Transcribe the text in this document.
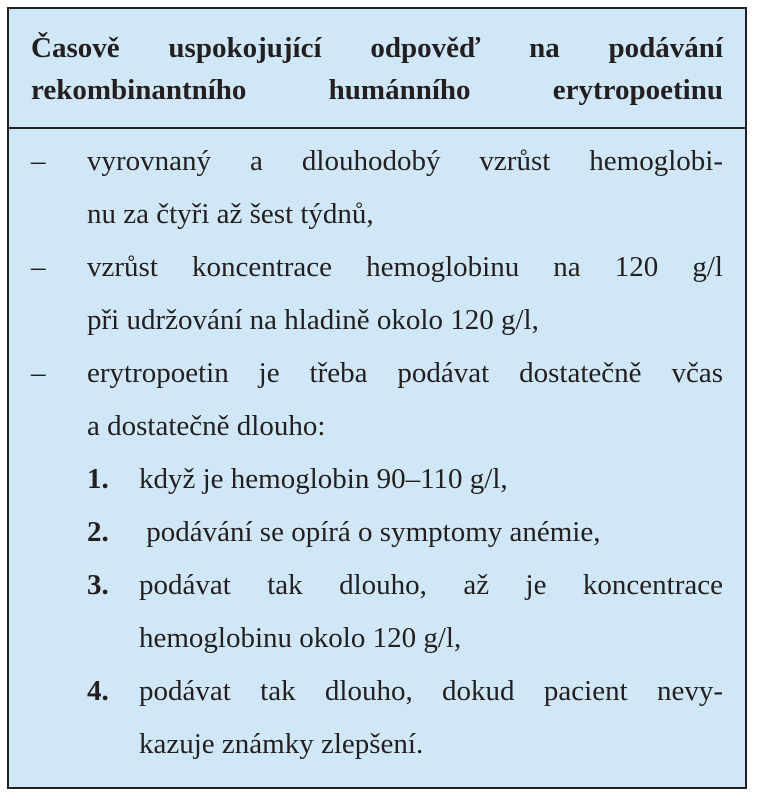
Časově uspokojující odpověď na podávání
rekombinantního humánního erytropoetinu

– vyrovnaný a dlouhodobý vzrůst hemoglobi-
nu za čtyři až šest týdnů,
– vzrůst koncentrace hemoglobinu na 120 g/l
při udržování na hladině okolo 120 g/l,
– erytropoetin je třeba podávat dostatečně včas
a dostatečně dlouho:
1. když je hemoglobin 90–110 g/l,
2. podávání se opírá o symptomy anémie,
3. podávat tak dlouho, až je koncentrace
hemoglobinu okolo 120 g/l,
4. podávat tak dlouho, dokud pacient nevy-
kazuje známky zlepšení.
